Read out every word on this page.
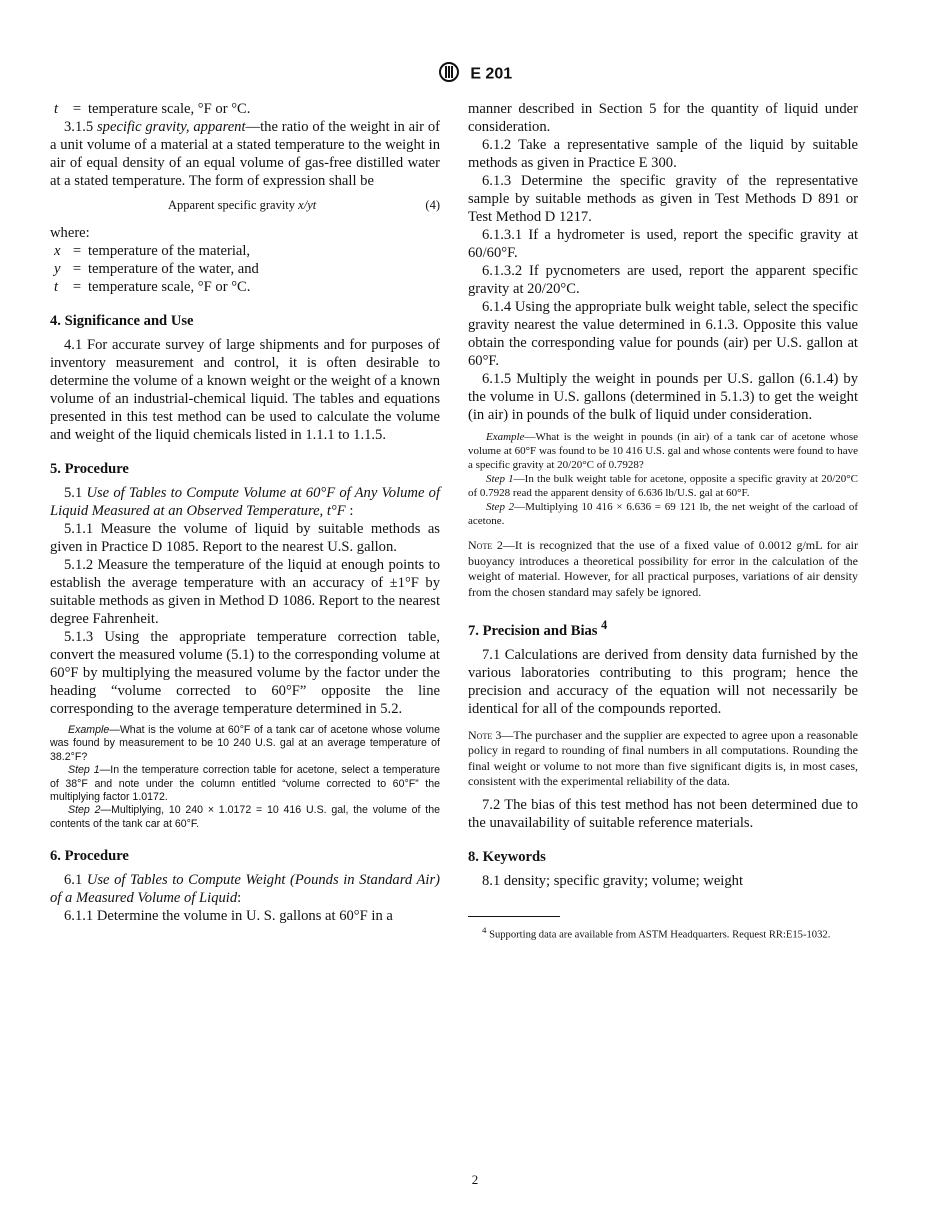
E 201
t	= temperature scale, °F or °C.

3.1.5 specific gravity, apparent—the ratio of the weight in air of a unit volume of a material at a stated temperature to the weight in air of equal density of an equal volume of gas-free distilled water at a stated temperature. The form of expression shall be

Apparent specific gravity x/yt	(4)

where:

x = temperature of the material,
y = temperature of the water, and
t	= temperature scale, °F or °C.

4. Significance and Use

4.1 For accurate survey of large shipments and for purposes of inventory measurement and control, it is often desirable to determine the volume of a known weight or the weight of a known volume of an industrial-chemical liquid. The tables and equations presented in this test method can be used to calculate the volume and weight of the liquid chemicals listed in 1.1.1 to 1.1.5.

5. Procedure

5.1 Use of Tables to Compute Volume at 60°F of Any Volume of Liquid Measured at an Observed Temperature, t°F :

5.1.1 Measure the volume of liquid by suitable methods as given in Practice D 1085. Report to the nearest U.S. gallon.

5.1.2 Measure the temperature of the liquid at enough points to establish the average temperature with an accuracy of ±1°F by suitable methods as given in Method D 1086. Report to the nearest degree Fahrenheit.

5.1.3 Using the appropriate temperature correction table, convert the measured volume (5.1) to the corresponding volume at 60°F by multiplying the measured volume by the factor under the heading “volume corrected to 60°F” opposite the line corresponding to the average temperature determined in 5.2.

Example—What is the volume at 60°F of a tank car of acetone whose volume was found by measurement to be 10 240 U.S. gal at an average temperature of 38.2°F?

Step 1—In the temperature correction table for acetone, select a temperature of 38°F and note under the column entitled “volume corrected to 60°F” the multiplying factor 1.0172.

Step 2—Multiplying, 10 240 × 1.0172 = 10 416 U.S. gal, the volume of the contents of the tank car at 60°F.

6. Procedure

6.1 Use of Tables to Compute Weight (Pounds in Standard Air) of a Measured Volume of Liquid:

6.1.1 Determine the volume in U. S. gallons at 60°F in a

manner described in Section 5 for the quantity of liquid under consideration.

6.1.2 Take a representative sample of the liquid by suitable methods as given in Practice E 300.

6.1.3 Determine the specific gravity of the representative sample by suitable methods as given in Test Methods D 891 or Test Method D 1217.

6.1.3.1 If a hydrometer is used, report the specific gravity at 60/60°F.

6.1.3.2 If pycnometers are used, report the apparent specific gravity at 20/20°C.

6.1.4 Using the appropriate bulk weight table, select the specific gravity nearest the value determined in 6.1.3. Opposite this value obtain the corresponding value for pounds (air) per U.S. gallon at 60°F.

6.1.5 Multiply the weight in pounds per U.S. gallon (6.1.4) by the volume in U.S. gallons (determined in 5.1.3) to get the weight (in air) in pounds of the bulk of liquid under consideration.

Example—What is the weight in pounds (in air) of a tank car of acetone whose volume at 60°F was found to be 10 416 U.S. gal and whose contents were found to have a specific gravity at 20/20°C of 0.7928?

Step 1—In the bulk weight table for acetone, opposite a specific gravity at 20/20°C of 0.7928 read the apparent density of 6.636 lb/U.S. gal at 60°F.

Step 2—Multiplying 10 416 × 6.636 = 69 121 lb, the net weight of the carload of acetone.

Note 2—It is recognized that the use of a fixed value of 0.0012 g/mL for air buoyancy introduces a theoretical possibility for error in the calculation of the weight of material. However, for all practical purposes, variations of air density from the chosen standard may safely be ignored.

7. Precision and Bias $^4$

7.1 Calculations are derived from density data furnished by the various laboratories contributing to this program; hence the precision and accuracy of the equation will not necessarily be identical for all of the compounds reported.

Note 3—The purchaser and the supplier are expected to agree upon a reasonable policy in regard to rounding of final numbers in all computations. Rounding the final weight or volume to not more than five significant digits is, in most cases, consistent with the experimental reliability of the data.

7.2 The bias of this test method has not been determined due to the unavailability of suitable reference materials.

8. Keywords

8.1 density; specific gravity; volume; weight

$^4$ Supporting data are available from ASTM Headquarters. Request RR:E15-1032.

2
